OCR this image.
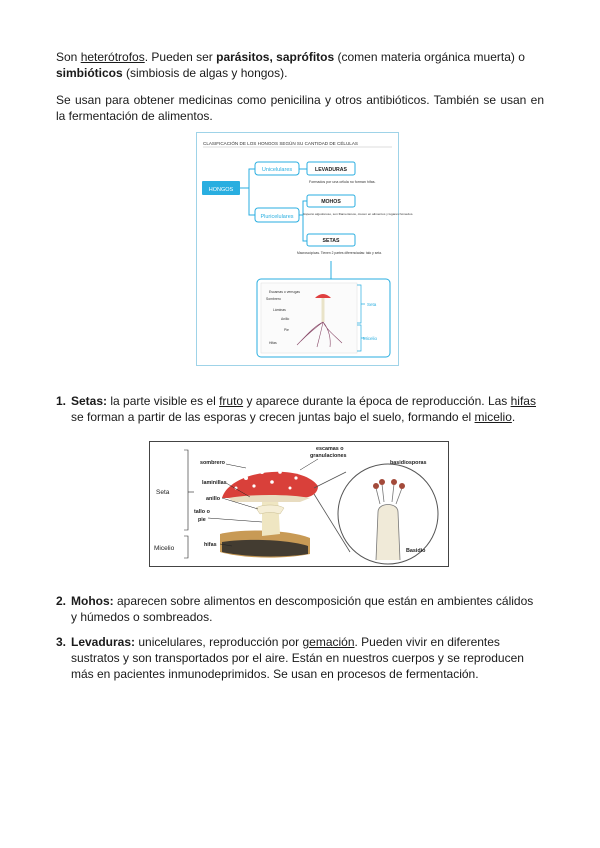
Son heterótrofos. Pueden ser parásitos, saprófitos (comen materia orgánica muerta) o
simbióticos (simbiosis de algas y hongos).

Se usan para obtener medicinas como penicilina y otros antibióticos. También se usan en la fermentación de alimentos.

CLASIFICACIÓN DE LOS HONGOS SEGÚN SU CANTIDAD DE CÉLULAS
HONGOS
Unicelulares	LEVADURAS
Formados por una célula no forman hifas.
Pluricelulares
MOHOS
Aspecto algodonoso, son filamentosos, crecen en alimentos y lugares húmedos.
SETAS
Macroscópicas. Tienen 2 partes diferenciadas: talo y seta.
Escamas o verrugas
Sombrero
Láminas
Anillo
Pie
Hifas
Seta
Micelio
1. Setas: la parte visible es el fruto y aparece durante la época de reproducción. Las hifas
se forman a partir de las esporas y crecen juntas bajo el suelo, formando el micelio.

escamas o
granulaciones
basidiosporas
sombrero
laminillas
anillo
tallo o
pie
Seta
hifas
Micelio	Basidio
2. Mohos: aparecen sobre alimentos en descomposición que están en ambientes cálidos
y húmedos o sombreados.

3. Levaduras: unicelulares, reproducción por gemación. Pueden vivir en diferentes
sustratos y son transportados por el aire. Están en nuestros cuerpos y se reproducen
más en pacientes inmunodeprimidos. Se usan en procesos de fermentación.
